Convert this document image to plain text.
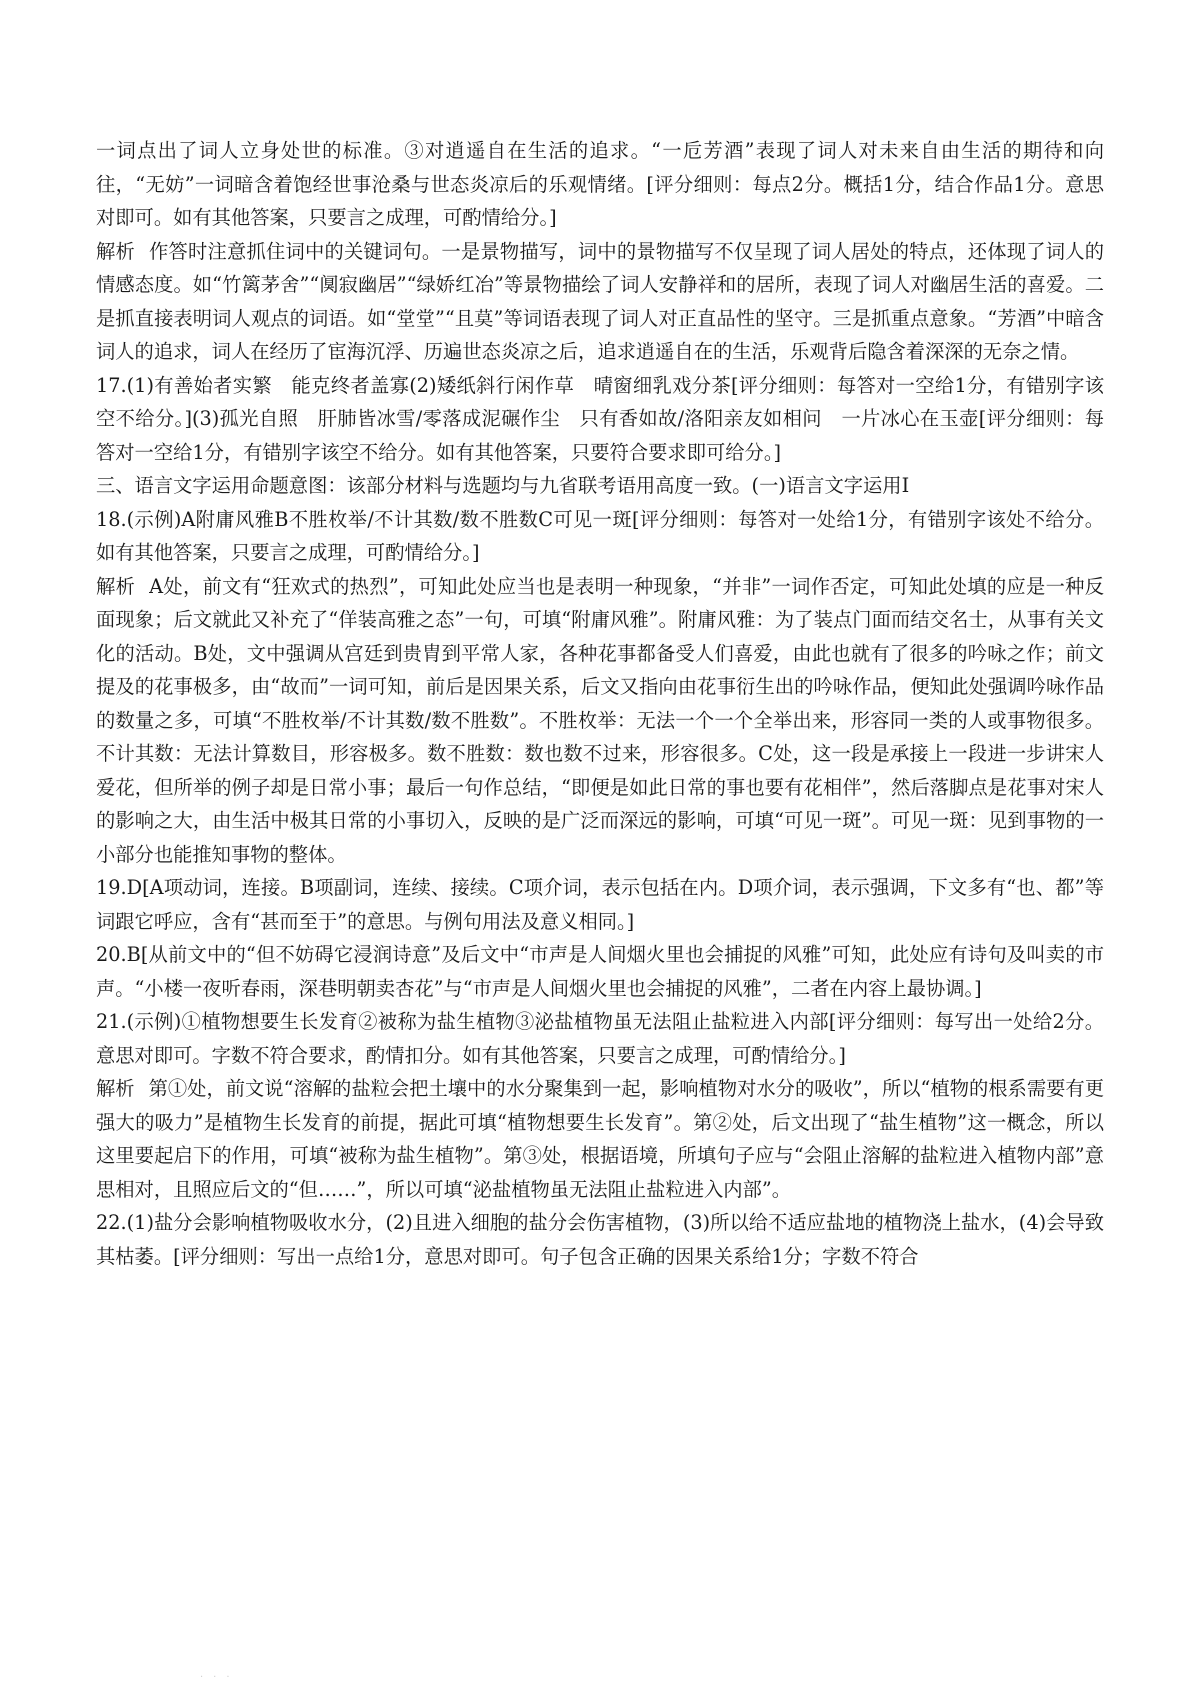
一词点出了词人立身处世的标准。③对逍遥自在生活的追求。“一卮芳酒”表现了词人对未来自由生活的期待和向往，“无妨”一词暗含着饱经世事沧桑与世态炎凉后的乐观情绪。[评分细则：每点2分。概括1分，结合作品1分。意思对即可。如有其他答案，只要言之成理，可酌情给分。]

解析 作答时注意抓住词中的关键词句。一是景物描写，词中的景物描写不仅呈现了词人居处的特点，还体现了词人的情感态度。如“竹篱茅舍”“阒寂幽居”“绿娇红冶”等景物描绘了词人安静祥和的居所，表现了词人对幽居生活的喜爱。二是抓直接表明词人观点的词语。如“堂堂”“且莫”等词语表现了词人对正直品性的坚守。三是抓重点意象。“芳酒”中暗含词人的追求，词人在经历了宦海沉浮、历遍世态炎凉之后，追求逍遥自在的生活，乐观背后隐含着深深的无奈之情。

17.(1)有善始者实繁　能克终者盖寡(2)矮纸斜行闲作草　晴窗细乳戏分茶[评分细则：每答对一空给1分，有错别字该空不给分。](3)孤光自照　肝肺皆冰雪/零落成泥碾作尘　只有香如故/洛阳亲友如相问　一片冰心在玉壶[评分细则：每答对一空给1分，有错别字该空不给分。如有其他答案，只要符合要求即可给分。]

三、语言文字运用命题意图：该部分材料与选题均与九省联考语用高度一致。(一)语言文字运用Ⅰ

18.(示例)A附庸风雅B不胜枚举/不计其数/数不胜数C可见一斑[评分细则：每答对一处给1分，有错别字该处不给分。如有其他答案，只要言之成理，可酌情给分。]

解析 A处，前文有“狂欢式的热烈”，可知此处应当也是表明一种现象，“并非”一词作否定，可知此处填的应是一种反面现象；后文就此又补充了“佯装高雅之态”一句，可填“附庸风雅”。附庸风雅：为了装点门面而结交名士，从事有关文化的活动。B处，文中强调从宫廷到贵胄到平常人家，各种花事都备受人们喜爱，由此也就有了很多的吟咏之作；前文提及的花事极多，由“故而”一词可知，前后是因果关系，后文又指向由花事衍生出的吟咏作品，便知此处强调吟咏作品的数量之多，可填“不胜枚举/不计其数/数不胜数”。不胜枚举：无法一个一个全举出来，形容同一类的人或事物很多。不计其数：无法计算数目，形容极多。数不胜数：数也数不过来，形容很多。C处，这一段是承接上一段进一步讲宋人爱花，但所举的例子却是日常小事；最后一句作总结，“即便是如此日常的事也要有花相伴”，然后落脚点是花事对宋人的影响之大，由生活中极其日常的小事切入，反映的是广泛而深远的影响，可填“可见一斑”。可见一斑：见到事物的一小部分也能推知事物的整体。

19.D[A项动词，连接。B项副词，连续、接续。C项介词，表示包括在内。D项介词，表示强调，下文多有“也、都”等词跟它呼应，含有“甚而至于”的意思。与例句用法及意义相同。]

20.B[从前文中的“但不妨碍它浸润诗意”及后文中“市声是人间烟火里也会捕捉的风雅”可知，此处应有诗句及叫卖的市声。“小楼一夜听春雨，深巷明朝卖杏花”与“市声是人间烟火里也会捕捉的风雅”，二者在内容上最协调。]

21.(示例)①植物想要生长发育②被称为盐生植物③泌盐植物虽无法阻止盐粒进入内部[评分细则：每写出一处给2分。意思对即可。字数不符合要求，酌情扣分。如有其他答案，只要言之成理，可酌情给分。]

解析 第①处，前文说“溶解的盐粒会把土壤中的水分聚集到一起，影响植物对水分的吸收”，所以“植物的根系需要有更强大的吸力”是植物生长发育的前提，据此可填“植物想要生长发育”。第②处，后文出现了“盐生植物”这一概念，所以这里要起启下的作用，可填“被称为盐生植物”。第③处，根据语境，所填句子应与“会阻止溶解的盐粒进入植物内部”意思相对，且照应后文的“但……”，所以可填“泌盐植物虽无法阻止盐粒进入内部”。

22.(1)盐分会影响植物吸收水分，(2)且进入细胞的盐分会伤害植物，(3)所以给不适应盐地的植物浇上盐水，(4)会导致其枯萎。[评分细则：写出一点给1分，意思对即可。句子包含正确的因果关系给1分；字数不符合

·　·　·
